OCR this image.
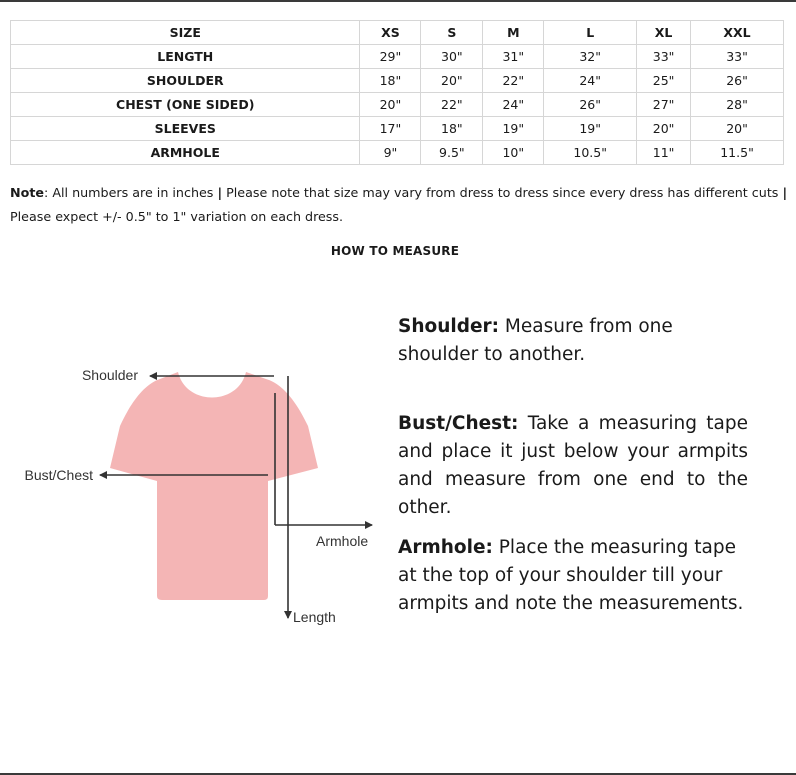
SIZE	XS	S	M	L	XL	XXL
LENGTH	29"	30"	31"	32"	33"	33"
SHOULDER	18"	20"	22"	24"	25"	26"
CHEST (ONE SIDED)	20"	22"	24"	26"	27"	28"
SLEEVES	17"	18"	19"	19"	20"	20"
ARMHOLE	9"	9.5"	10"	10.5"	11"	11.5"
Note: All numbers are in inches | Please note that size may vary from dress to dress since every dress has different cuts |
Please expect +/- 0.5" to 1" variation on each dress.
HOW TO MEASURE
Shoulder
Bust/Chest
Armhole
Length
Shoulder: Measure from one shoulder to another.
Bust/Chest: Take a measuring tape and place it just below your armpits and measure from one end to the other.
Armhole: Place the measuring tape at the top of your shoulder till your armpits and note the measurements.
